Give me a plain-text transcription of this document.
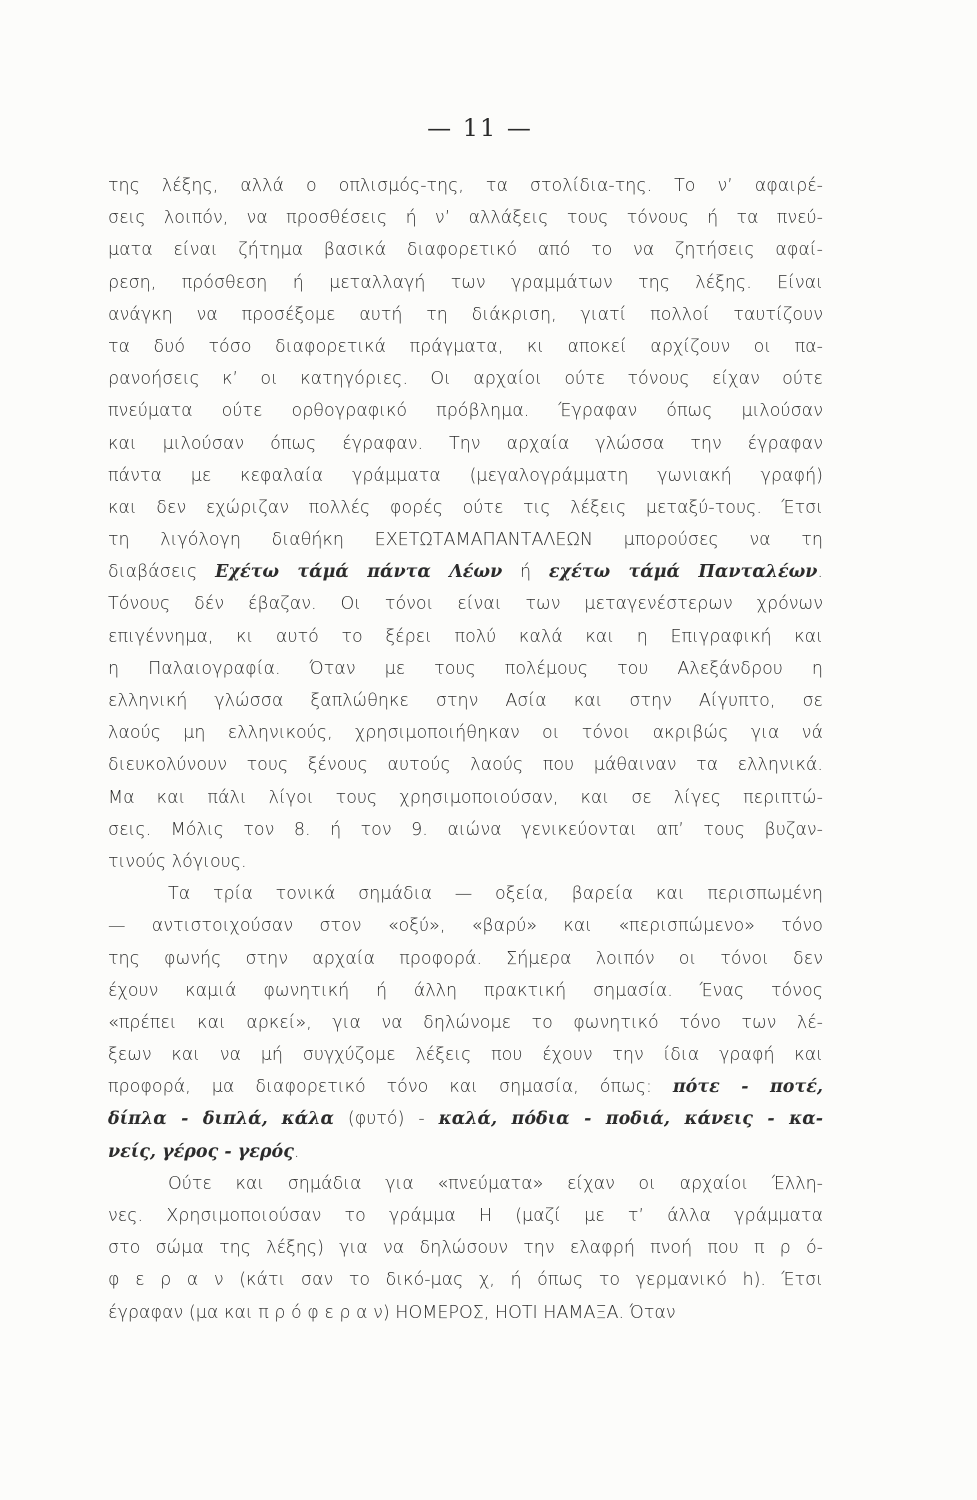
— 11 —
της λέξης, αλλά ο οπλισμός-της, τα στολίδια-της. Το ν’ αφαιρέ-
σεις λοιπόν, να προσθέσεις ή ν’ αλλάξεις τους τόνους ή τα πνεύ-
ματα είναι ζήτημα βασικά διαφορετικό από το να ζητήσεις αφαί-
ρεση, πρόσθεση ή μεταλλαγή των γραμμάτων της λέξης. Είναι
ανάγκη να προσέξομε αυτή τη διάκριση, γιατί πολλοί ταυτίζουν
τα δυό τόσο διαφορετικά πράγματα, κι αποκεί αρχίζουν οι πα-
ρανοήσεις κ’ οι κατηγόριες. Οι αρχαίοι ούτε τόνους είχαν ούτε
πνεύματα ούτε ορθογραφικό πρόβλημα. Έγραφαν όπως μιλούσαν
και μιλούσαν όπως έγραφαν. Την αρχαία γλώσσα την έγραφαν
πάντα με κεφαλαία γράμματα (μεγαλογράμματη γωνιακή γραφή)
και δεν εχώριζαν πολλές φορές ούτε τις λέξεις μεταξύ-τους. Έτσι
τη λιγόλογη διαθήκη ΕΧΕΤΩΤΑΜΑΠΑΝΤΑΛΕΩΝ μπορούσες να τη
διαβάσεις Εχέτω τάμά πάντα Λέων ή εχέτω τάμά Πανταλέων.
Τόνους δέν έβαζαν. Οι τόνοι είναι των μεταγενέστερων χρόνων
επιγέννημα, κι αυτό το ξέρει πολύ καλά και η Επιγραφική και
η Παλαιογραφία. Όταν με τους πολέμους του Αλεξάνδρου η
ελληνική γλώσσα ξαπλώθηκε στην Ασία και στην Αίγυπτο, σε
λαούς μη ελληνικούς, χρησιμοποιήθηκαν οι τόνοι ακριβώς για νά
διευκολύνουν τους ξένους αυτούς λαούς που μάθαιναν τα ελληνικά.
Μα και πάλι λίγοι τους χρησιμοποιούσαν, και σε λίγες περιπτώ-
σεις. Μόλις τον 8. ή τον 9. αιώνα γενικεύονται απ’ τους βυζαν-
τινούς λόγιους.
Τα τρία τονικά σημάδια — οξεία, βαρεία και περισπωμένη
— αντιστοιχούσαν στον «οξύ», «βαρύ» και «περισπώμενο» τόνο
της φωνής στην αρχαία προφορά. Σήμερα λοιπόν οι τόνοι δεν
έχουν καμιά φωνητική ή άλλη πρακτική σημασία. Ένας τόνος
«πρέπει και αρκεί», για να δηλώνομε το φωνητικό τόνο των λέ-
ξεων και να μή συγχύζομε λέξεις που έχουν την ίδια γραφή και
προφορά, μα διαφορετικό τόνο και σημασία, όπως: πότε - ποτέ,
δίπλα - διπλά, κάλα (φυτό) - καλά, πόδια - ποδιά, κάνεις - κα-
νείς, γέρος - γερός.
Ούτε και σημάδια για «πνεύματα» είχαν οι αρχαίοι Έλλη-
νες. Χρησιμοποιούσαν το γράμμα Η (μαζί με τ’ άλλα γράμματα
στο σώμα της λέξης) για να δηλώσουν την ελαφρή πνοή που π ρ ό-
φ ε ρ α ν (κάτι σαν το δικό-μας χ, ή όπως το γερμανικό h). Έτσι
έγραφαν (μα και π ρ ό φ ε ρ α ν) ΗΟΜΕΡΟΣ, ΗΟΤΙ ΗΑΜΑΞΑ. Όταν
